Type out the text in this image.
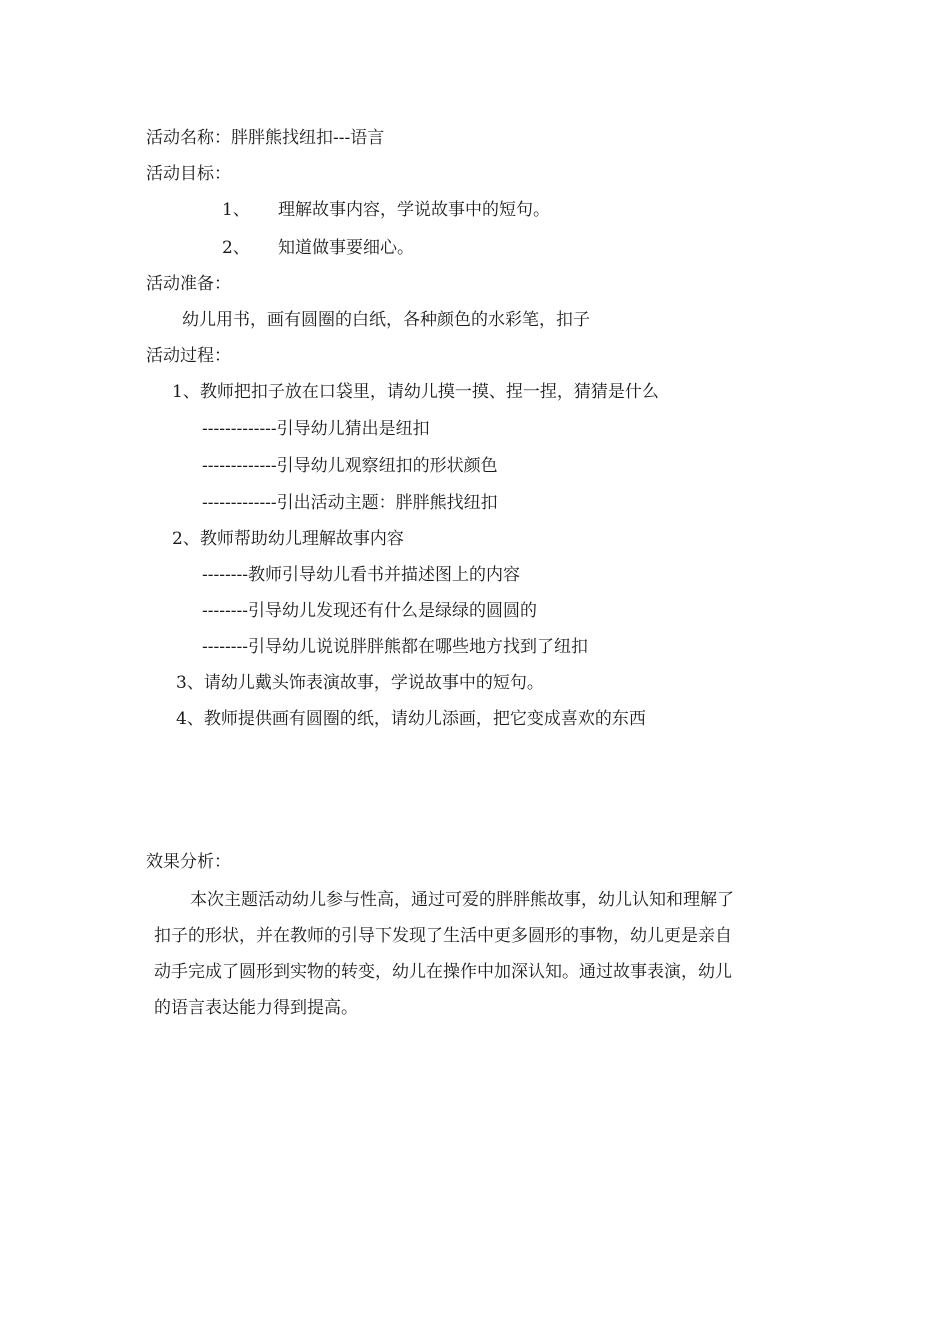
活动名称：胖胖熊找纽扣---语言
活动目标：
1、 理解故事内容，学说故事中的短句。
2、 知道做事要细心。
活动准备：
幼儿用书，画有圆圈的白纸，各种颜色的水彩笔，扣子
活动过程：
1、教师把扣子放在口袋里，请幼儿摸一摸、捏一捏，猜猜是什么
-------------引导幼儿猜出是纽扣
-------------引导幼儿观察纽扣的形状颜色
-------------引出活动主题：胖胖熊找纽扣
2、教师帮助幼儿理解故事内容
--------教师引导幼儿看书并描述图上的内容
--------引导幼儿发现还有什么是绿绿的圆圆的
--------引导幼儿说说胖胖熊都在哪些地方找到了纽扣
3、请幼儿戴头饰表演故事，学说故事中的短句。
4、教师提供画有圆圈的纸，请幼儿添画，把它变成喜欢的东西
效果分析：
本次主题活动幼儿参与性高，通过可爱的胖胖熊故事，幼儿认知和理解了
扣子的形状，并在教师的引导下发现了生活中更多圆形的事物，幼儿更是亲自
动手完成了圆形到实物的转变，幼儿在操作中加深认知。通过故事表演，幼儿
的语言表达能力得到提高。
